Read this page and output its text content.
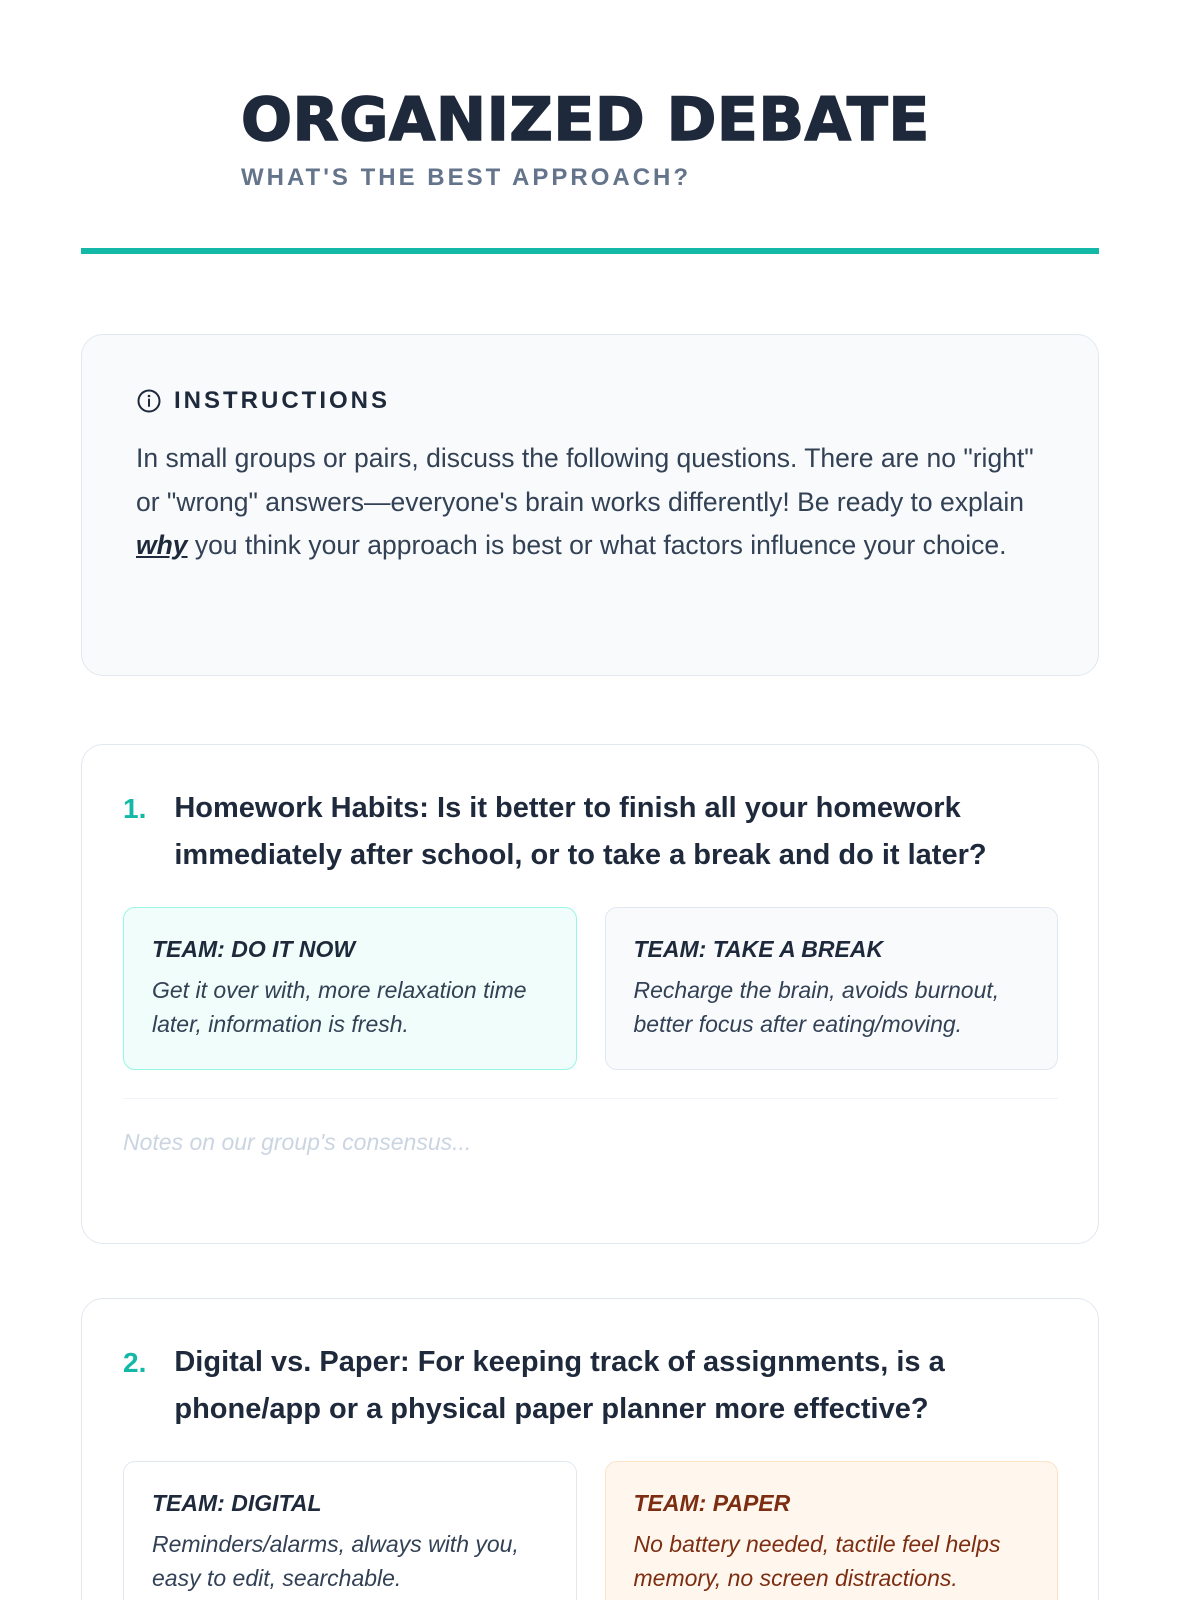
ORGANIZED DEBATE
WHAT'S THE BEST APPROACH?
INSTRUCTIONS

In small groups or pairs, discuss the following questions. There are no "right" or "wrong" answers—everyone's brain works differently! Be ready to explain why you think your approach is best or what factors influence your choice.

1. Homework Habits: Is it better to finish all your homework immediately after school, or to take a break and do it later?
TEAM: DO IT NOW
Get it over with, more relaxation time later, information is fresh.
TEAM: TAKE A BREAK
Recharge the brain, avoids burnout, better focus after eating/moving.
Notes on our group's consensus...
2. Digital vs. Paper: For keeping track of assignments, is a phone/app or a physical paper planner more effective?
TEAM: DIGITAL
Reminders/alarms, always with you, easy to edit, searchable.
TEAM: PAPER
No battery needed, tactile feel helps memory, no screen distractions.
